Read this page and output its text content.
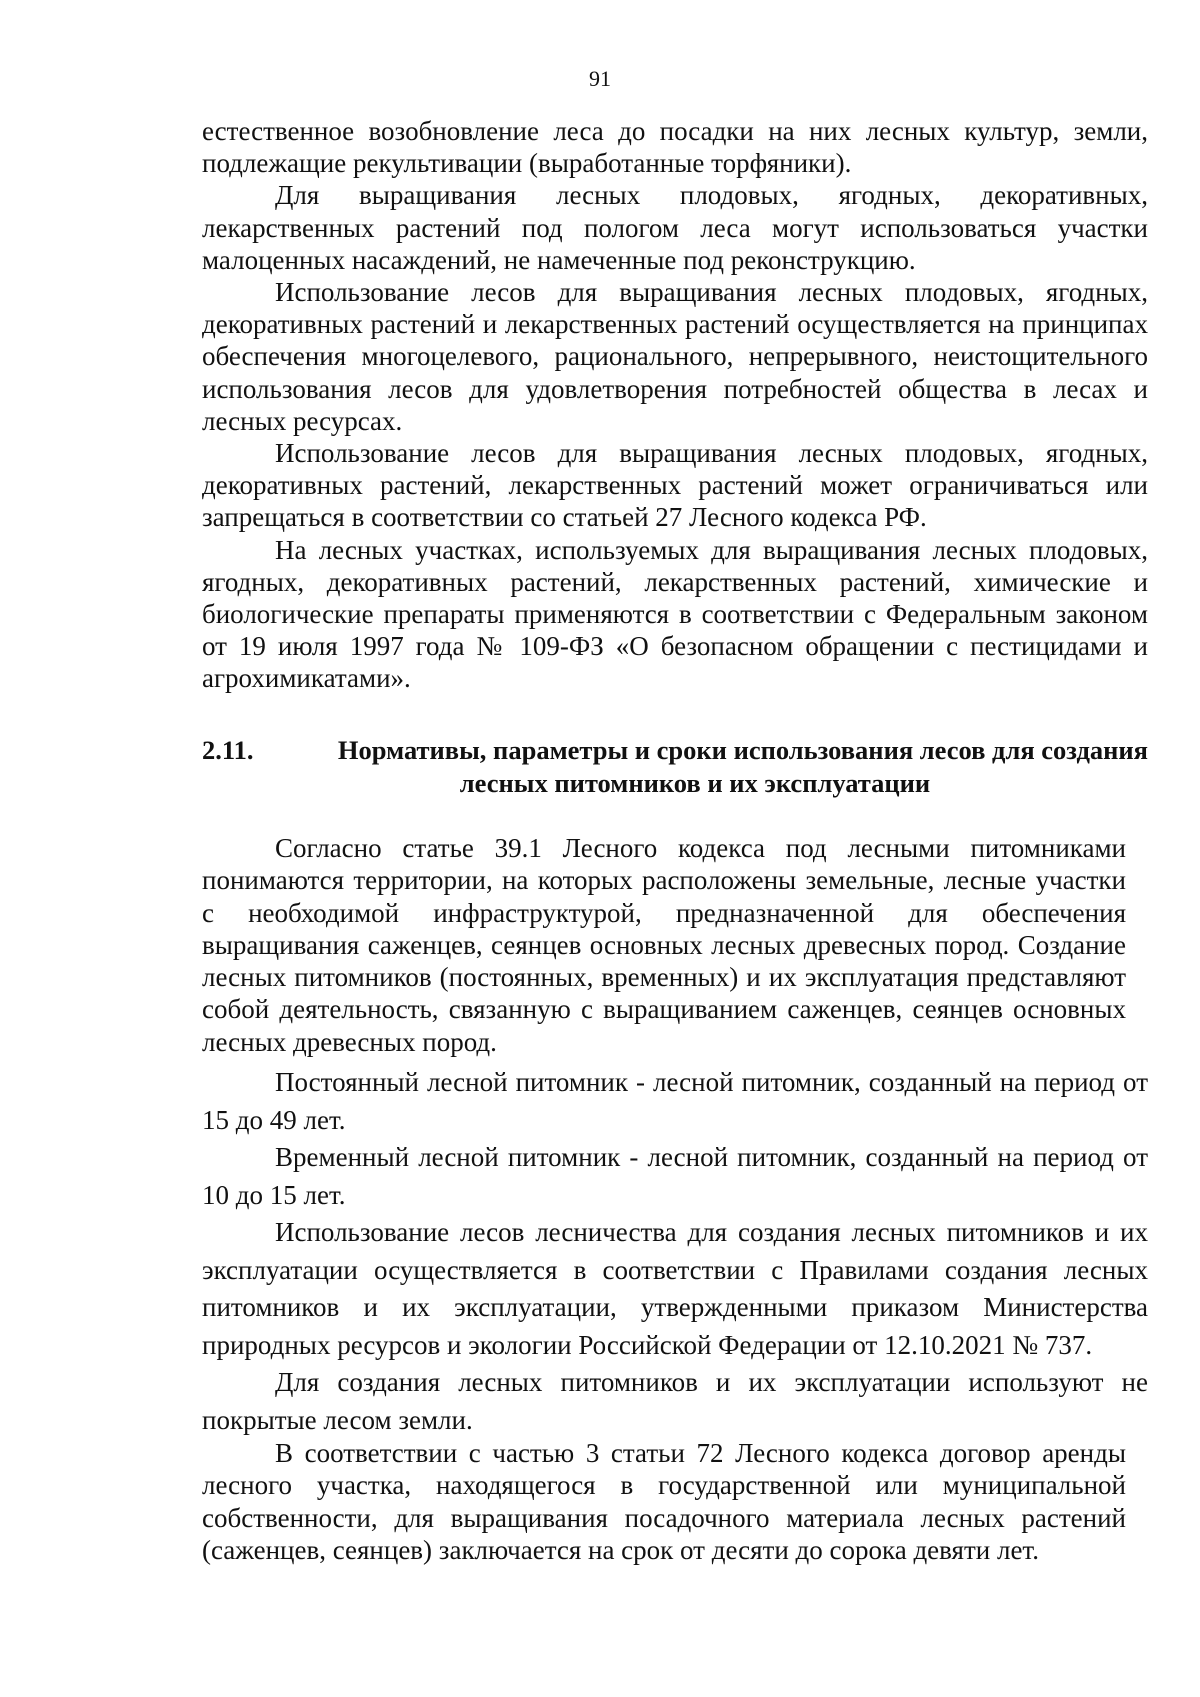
91

естественное возобновление леса до посадки на них лесных культур, земли, подлежащие рекультивации (выработанные торфяники).

Для выращивания лесных плодовых, ягодных, декоративных, лекарственных растений под пологом леса могут использоваться участки малоценных насаждений, не намеченные под реконструкцию.

Использование лесов для выращивания лесных плодовых, ягодных, декоративных растений и лекарственных растений осуществляется на принципах обеспечения многоцелевого, рационального, непрерывного, неистощительного использования лесов для удовлетворения потребностей общества в лесах и лесных ресурсах.

Использование лесов для выращивания лесных плодовых, ягодных, декоративных растений, лекарственных растений может ограничиваться или запрещаться в соответствии со статьей 27 Лесного кодекса РФ.

На лесных участках, используемых для выращивания лесных плодовых, ягодных, декоративных растений, лекарственных растений, химические и биологические препараты применяются в соответствии с Федеральным законом от 19 июля 1997 года № 109-ФЗ «О безопасном обращении с пестицидами и агрохимикатами».

2.11.	Нормативы, параметры и сроки использования лесов для создания
лесных питомников и их эксплуатации

Согласно статье 39.1 Лесного кодекса под лесными питомниками понимаются территории, на которых расположены земельные, лесные участки с необходимой инфраструктурой, предназначенной для обеспечения выращивания саженцев, сеянцев основных лесных древесных пород. Создание лесных питомников (постоянных, временных) и их эксплуатация представляют собой деятельность, связанную с выращиванием саженцев, сеянцев основных лесных древесных пород.

Постоянный лесной питомник - лесной питомник, созданный на период от 15 до 49 лет.

Временный лесной питомник - лесной питомник, созданный на период от 10 до 15 лет.

Использование лесов лесничества для создания лесных питомников и их эксплуатации осуществляется в соответствии с Правилами создания лесных питомников и их эксплуатации, утвержденными приказом Министерства природных ресурсов и экологии Российской Федерации от 12.10.2021 № 737.

Для создания лесных питомников и их эксплуатации используют не покрытые лесом земли.

В соответствии с частью 3 статьи 72 Лесного кодекса договор аренды лесного участка, находящегося в государственной или муниципальной собственности, для выращивания посадочного материала лесных растений (саженцев, сеянцев) заключается на срок от десяти до сорока девяти лет.
